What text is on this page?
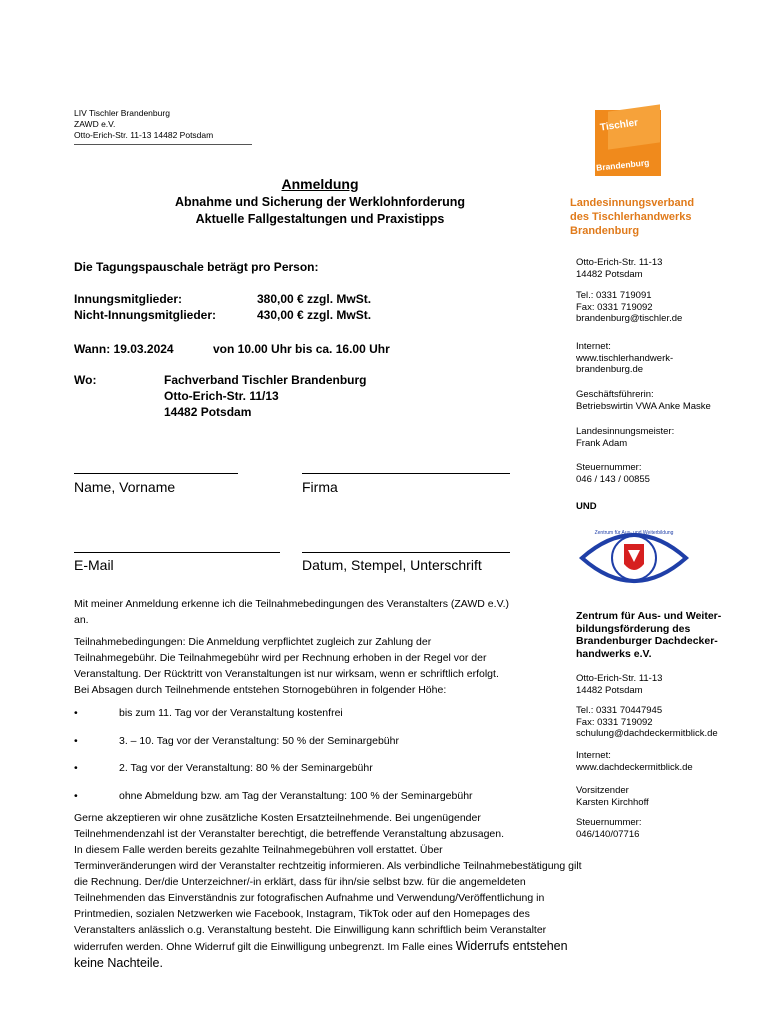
LIV Tischler Brandenburg
ZAWD e.V.
Otto-Erich-Str. 11-13 14482 Potsdam
Tischler
Brandenburg
Anmeldung
Abnahme und Sicherung der Werklohnforderung
Aktuelle Fallgestaltungen und Praxistipps
Die Tagungspauschale beträgt pro Person:
Innungsmitglieder:	380,00 € zzgl. MwSt.
Nicht-Innungsmitglieder:	430,00 € zzgl. MwSt.
Wann: 19.03.2024	von 10.00 Uhr bis ca. 16.00 Uhr
Wo:	Fachverband Tischler Brandenburg
Otto-Erich-Str. 11/13
14482 Potsdam
Name, Vorname	Firma
E-Mail	Datum, Stempel, Unterschrift
Mit meiner Anmeldung erkenne ich die Teilnahmebedingungen des Veranstalters (ZAWD e.V.)
an.
Teilnahmebedingungen: Die Anmeldung verpflichtet zugleich zur Zahlung der
Teilnahmegebühr. Die Teilnahmegebühr wird per Rechnung erhoben in der Regel vor der
Veranstaltung. Der Rücktritt von Veranstaltungen ist nur wirksam, wenn er schriftlich erfolgt.
Bei Absagen durch Teilnehmende entstehen Stornogebühren in folgender Höhe:
•	bis zum 11. Tag vor der Veranstaltung kostenfrei
•	3. – 10. Tag vor der Veranstaltung: 50 % der Seminargebühr
•	2. Tag vor der Veranstaltung: 80 % der Seminargebühr
•	ohne Abmeldung bzw. am Tag der Veranstaltung: 100 % der Seminargebühr
Gerne akzeptieren wir ohne zusätzliche Kosten Ersatzteilnehmende. Bei ungenügender
Teilnehmendenzahl ist der Veranstalter berechtigt, die betreffende Veranstaltung abzusagen.
In diesem Falle werden bereits gezahlte Teilnahmegebühren voll erstattet. Über
Terminveränderungen wird der Veranstalter rechtzeitig informieren. Als verbindliche Teilnahmebestätigung gilt
die Rechnung. Der/die Unterzeichner/-in erklärt, dass für ihn/sie selbst bzw. für die angemeldeten
Teilnehmenden das Einverständnis zur fotografischen Aufnahme und Verwendung/Veröffentlichung in
Printmedien, sozialen Netzwerken wie Facebook, Instagram, TikTok oder auf den Homepages des
Veranstalters anlässlich o.g. Veranstaltung besteht. Die Einwilligung kann schriftlich beim Veranstalter
widerrufen werden. Ohne Widerruf gilt die Einwilligung unbegrenzt. Im Falle eines Widerrufs entstehen
keine Nachteile.
Landesinnungsverband
des Tischlerhandwerks
Brandenburg
Otto-Erich-Str. 11-13
14482 Potsdam
Tel.: 0331 719091
Fax: 0331 719092
brandenburg@tischler.de
Internet:
www.tischlerhandwerk-
brandenburg.de
Geschäftsführerin:
Betriebswirtin VWA Anke Maske
Landesinnungsmeister:
Frank Adam
Steuernummer:
046 / 143 / 00855
UND
Zentrum für Aus- und Weiterbildung
Zentrum für Aus- und Weiter-
bildungsförderung des
Brandenburger Dachdecker-
handwerks e.V.
Otto-Erich-Str. 11-13
14482 Potsdam
Tel.: 0331 70447945
Fax: 0331 719092
schulung@dachdeckermitblick.de
Internet:
www.dachdeckermitblick.de
Vorsitzender
Karsten Kirchhoff
Steuernummer:
046/140/07716
